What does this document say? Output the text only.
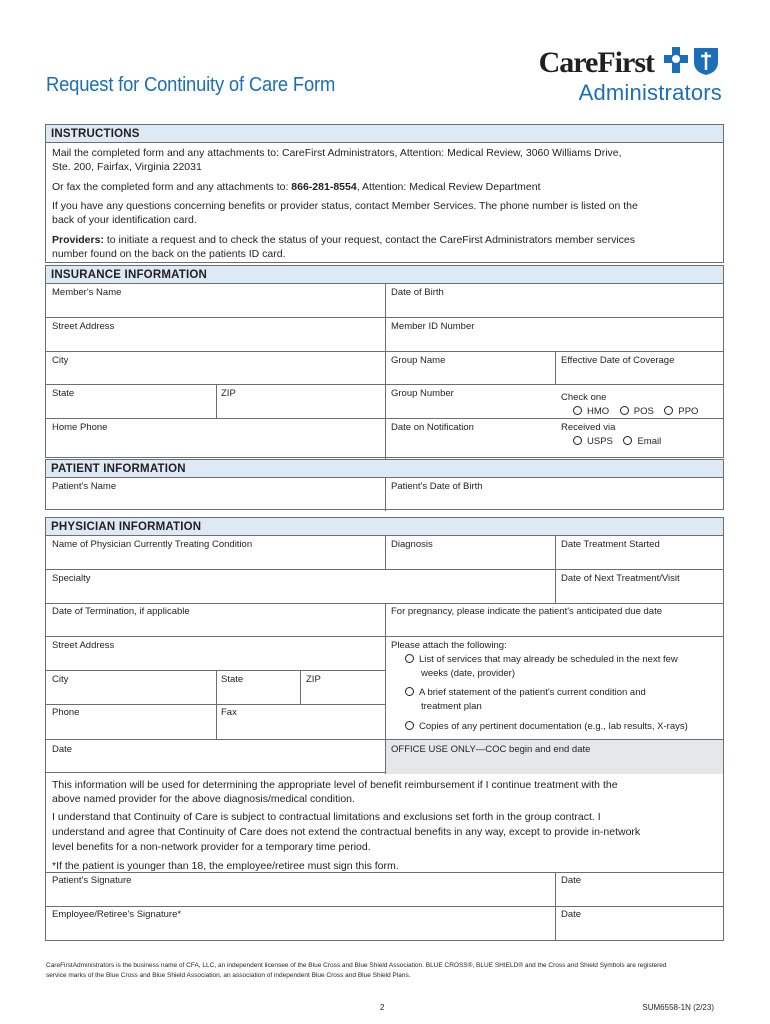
Request for Continuity of Care Form
CareFirst
Administrators
INSTRUCTIONS
Mail the completed form and any attachments to: CareFirst Administrators, Attention: Medical Review, 3060 Williams Drive,
Ste. 200, Fairfax, Virginia 22031
Or fax the completed form and any attachments to: 866-281-8554, Attention: Medical Review Department
If you have any questions concerning benefits or provider status, contact Member Services. The phone number is listed on the
back of your identification card.
Providers: to initiate a request and to check the status of your request, contact the CareFirst Administrators member services
number found on the back on the patients ID card.
INSURANCE INFORMATION
Member's Name	Date of Birth
Street Address	Member ID Number
City	Group Name	Effective Date of Coverage
State	ZIP	Group Number	Check one
HMO	POS	PPO
Home Phone	Date on Notification	Received via
USPS	Email
PATIENT INFORMATION
Patient's Name	Patient's Date of Birth
PHYSICIAN INFORMATION
Name of Physician Currently Treating Condition	Diagnosis	Date Treatment Started
Specialty	Date of Next Treatment/Visit
Date of Termination, if applicable	For pregnancy, please indicate the patient's anticipated due date
Street Address	Please attach the following:
List of services that may already be scheduled in the next few
weeks (date, provider)
City	State	ZIP
A brief statement of the patient's current condition and
treatment plan
Phone	Fax
Copies of any pertinent documentation (e.g., lab results, X-rays)
Date	OFFICE USE ONLY—COC begin and end date
This information will be used for determining the appropriate level of benefit reimbursement if I continue treatment with the
above named provider for the above diagnosis/medical condition.
I understand that Continuity of Care is subject to contractual limitations and exclusions set forth in the group contract. I
understand and agree that Continuity of Care does not extend the contractual benefits in any way, except to provide in-network
level benefits for a non-network provider for a temporary time period.
*If the patient is younger than 18, the employee/retiree must sign this form.
Patient's Signature	Date
Employee/Retiree's Signature*	Date
CareFirstAdministrators is the business name of CFA, LLC, an independent licensee of the Blue Cross and Blue Shield Association. BLUE CROSS®, BLUE SHIELD® and the Cross and Shield Symbols are registered
service marks of the Blue Cross and Blue Shield Association, an association of independent Blue Cross and Blue Shield Plans.
2	SUM6558-1N (2/23)
